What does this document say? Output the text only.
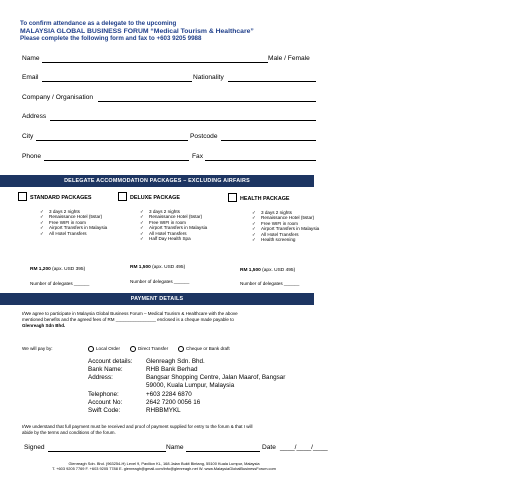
To confirm attendance as a delegate to the upcoming
MALAYSIA GLOBAL BUSINESS FORUM “Medical Tourism & Healthcare”
Please complete the following form and fax to +603 9205 9988
Name	Male / Female
Email	Nationality
Company / Organisation
Address
City	Postcode
Phone	Fax
DELEGATE ACCOMMODATION PACKAGES – EXCLUDING AIRFAIRS
STANDARD PACKAGES
✓ 3 days 2 nights
✓ Renaissance Hotel (5star)
✓ Free WIFI in room
✓ Airport Transfers in Malaysia
✓ All Hotel Transfers
RM 1,200 (apx. USD 395)
Number of delegates ______
DELUXE PACKAGE
✓ 3 days 2 nights
✓ Renaissance Hotel (5star)
✓ Free WIFI in room
✓ Airport Transfers in Malaysia
✓ All Hotel Transfers
✓ Half Day Health Spa
RM 1,500 (apx. USD 495)
Number of delegates ______
HEALTH PACKAGE
✓ 3 days 2 nights
✓ Renaissance Hotel (5star)
✓ Free WIFI in room
✓ Airport Transfers in Malaysia
✓ All Hotel Transfers
✓ Health screening
RM 1,500 (apx. USD 495)
Number of delegates ______
PAYMENT DETAILS
I/We agree to participate in Malaysia Global Business Forum – Medical Tourism & Healthcare with the above
mentioned benefits and the agreed fees of RM ________________ enclosed is a cheque made payable to
Glenreagh Sdn Bhd.
We will pay by:	Local Order	Direct Transfer	Cheque or Bank draft
Account details: Glenreagh Sdn. Bhd.
Bank Name:	RHB Bank Berhad
Address:	Bangsar Shopping Centre, Jalan Maarof, Bangsar
59000, Kuala Lumpur, Malaysia
Telephone:	+603 2284 6870
Account No:	2642 7200 0056 16
Swift Code:	RHBBMYKL
I/We understand that full payment must be received and proof of payment supplied for entry to the forum & that I will
abide by the terms and conditions of the forum.
Signed	Name	Date ____/____/____
Glenreagh Sdn. Bhd. (963254-H) Level 9, Pavilion KL, 168 Jalan Bukit Bintang, 55100 Kuala Lumpur, Malaysia
T. +603 9205 7769 F. +603 9205 7788 E. glenreagh@gmail.com/info@glenreagh.net W. www.MalaysiaGlobalBusinessForum.com
